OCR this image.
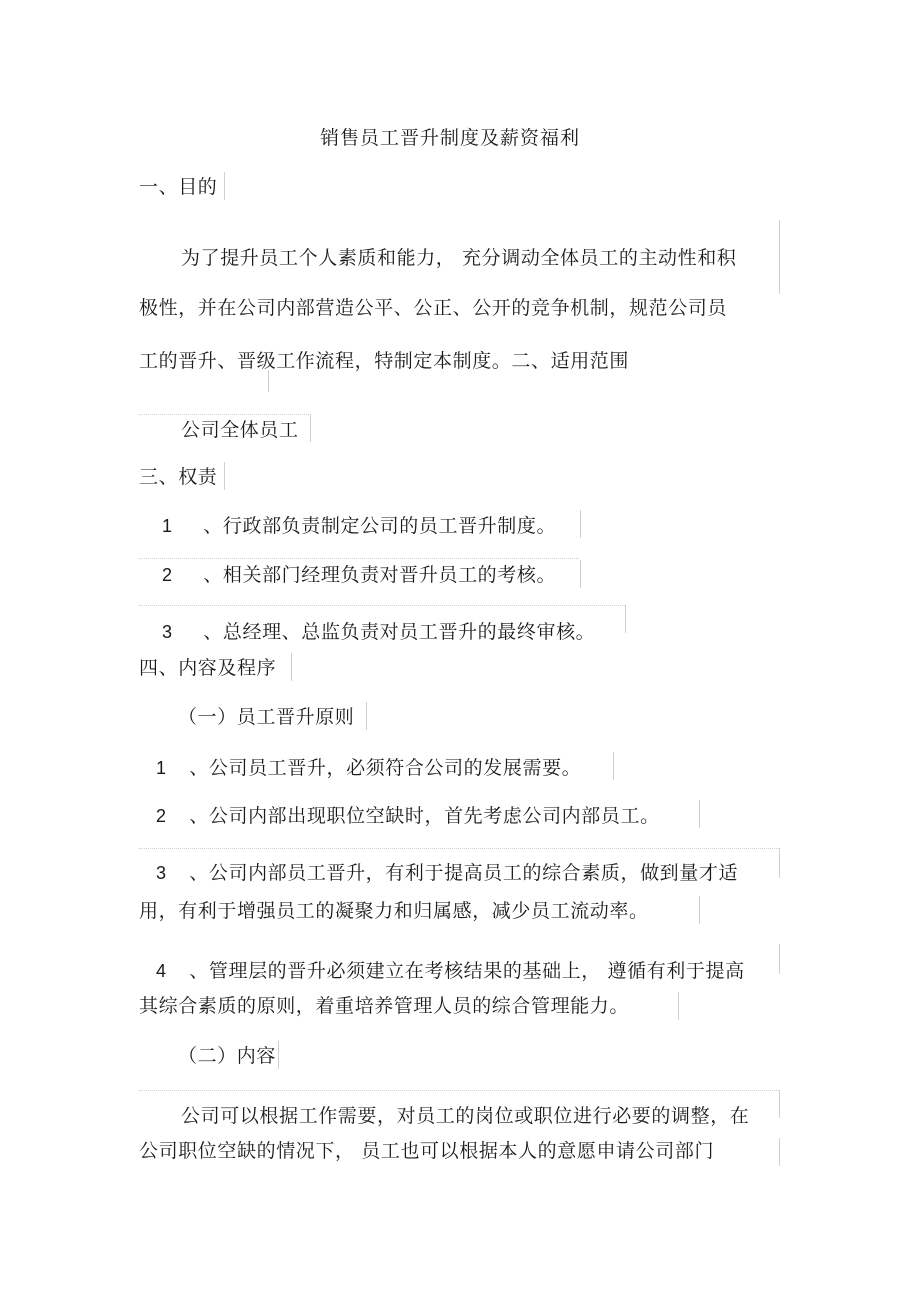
销售员工晋升制度及薪资福利
一、目的
为了提升员工个人素质和能力， 充分调动全体员工的主动性和积
极性，并在公司内部营造公平、公正、公开的竞争机制，规范公司员
工的晋升、晋级工作流程，特制定本制度。二、适用范围
公司全体员工
三、权责
1 、行政部负责制定公司的员工晋升制度。
2 、相关部门经理负责对晋升员工的考核。
3 、总经理、总监负责对员工晋升的最终审核。
四、内容及程序
（一）员工晋升原则
1 、公司员工晋升，必须符合公司的发展需要。
2 、公司内部出现职位空缺时，首先考虑公司内部员工。
3 、公司内部员工晋升，有利于提高员工的综合素质，做到量才适
用，有利于增强员工的凝聚力和归属感，减少员工流动率。
4 、管理层的晋升必须建立在考核结果的基础上， 遵循有利于提高
其综合素质的原则，着重培养管理人员的综合管理能力。
（二）内容
公司可以根据工作需要，对员工的岗位或职位进行必要的调整，在
公司职位空缺的情况下， 员工也可以根据本人的意愿申请公司部门
